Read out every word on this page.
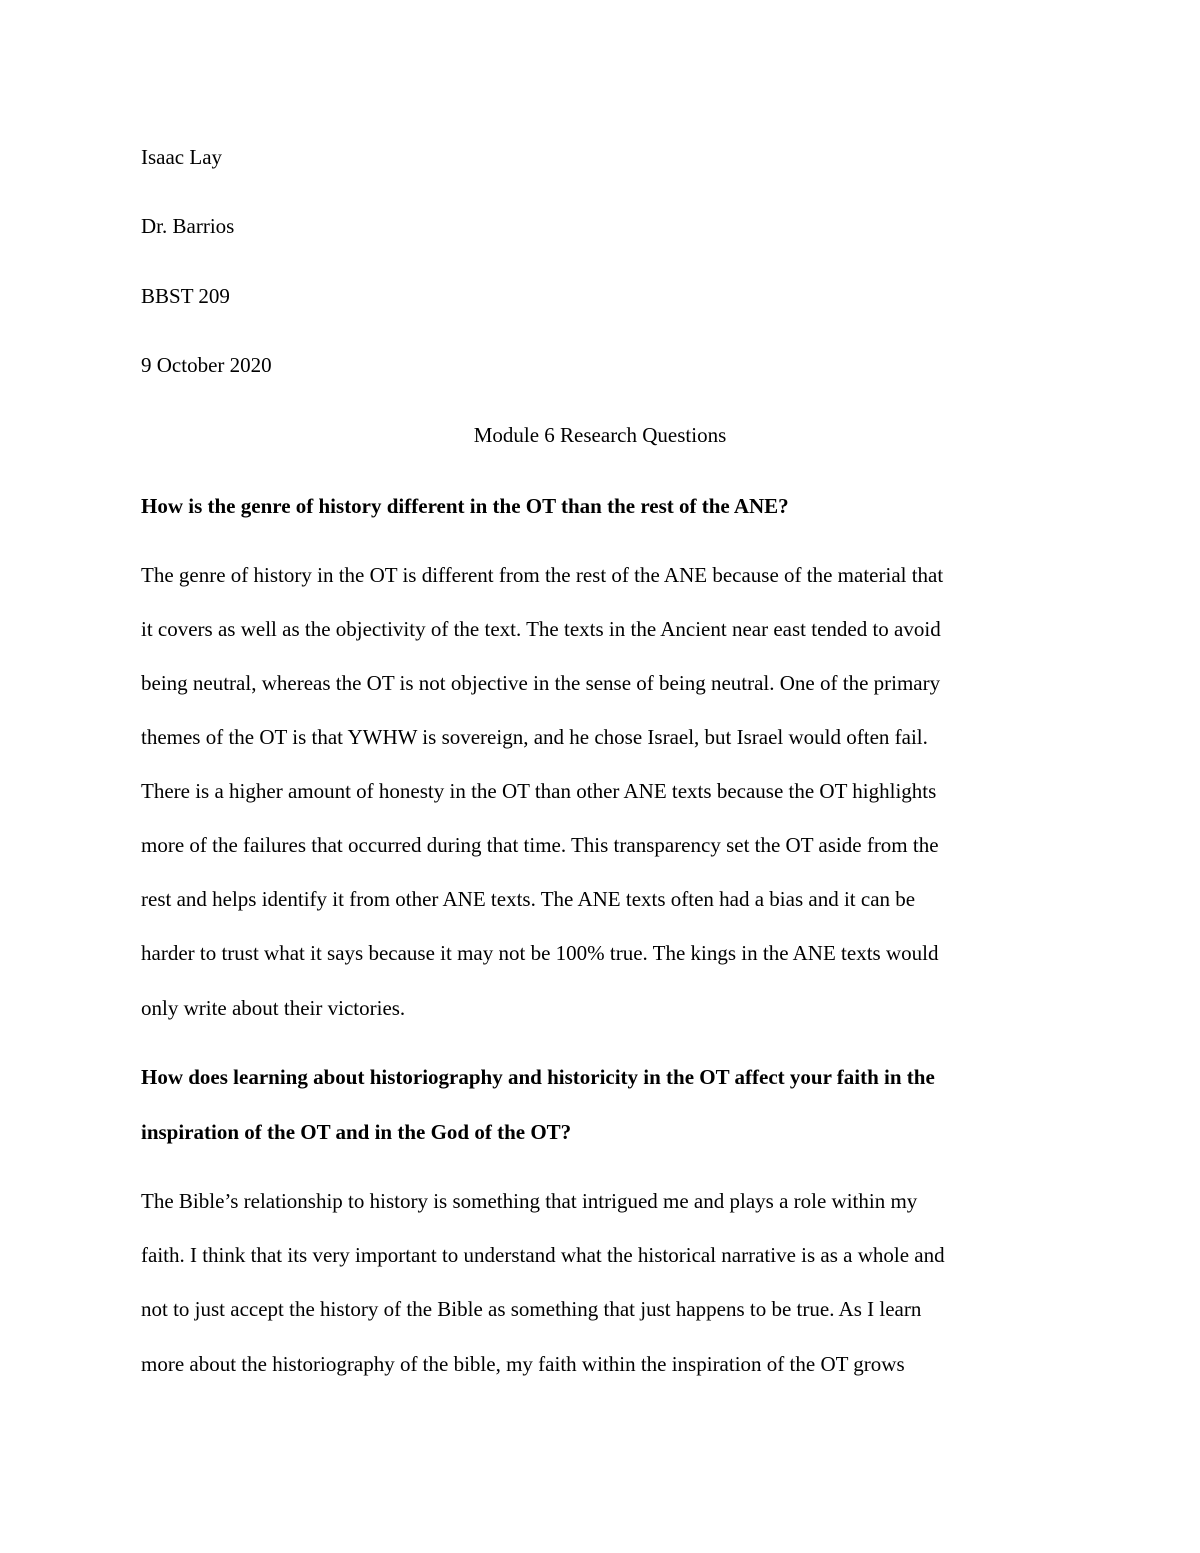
Isaac Lay
Dr. Barrios
BBST 209
9 October 2020
Module 6 Research Questions
How is the genre of history different in the OT than the rest of the ANE?
The genre of history in the OT is different from the rest of the ANE because of the material that
it covers as well as the objectivity of the text. The texts in the Ancient near east tended to avoid
being neutral, whereas the OT is not objective in the sense of being neutral. One of the primary
themes of the OT is that YWHW is sovereign, and he chose Israel, but Israel would often fail.
There is a higher amount of honesty in the OT than other ANE texts because the OT highlights
more of the failures that occurred during that time. This transparency set the OT aside from the
rest and helps identify it from other ANE texts. The ANE texts often had a bias and it can be
harder to trust what it says because it may not be 100% true. The kings in the ANE texts would
only write about their victories.
How does learning about historiography and historicity in the OT affect your faith in the
inspiration of the OT and in the God of the OT?
The Bible’s relationship to history is something that intrigued me and plays a role within my
faith. I think that its very important to understand what the historical narrative is as a whole and
not to just accept the history of the Bible as something that just happens to be true. As I learn
more about the historiography of the bible, my faith within the inspiration of the OT grows
